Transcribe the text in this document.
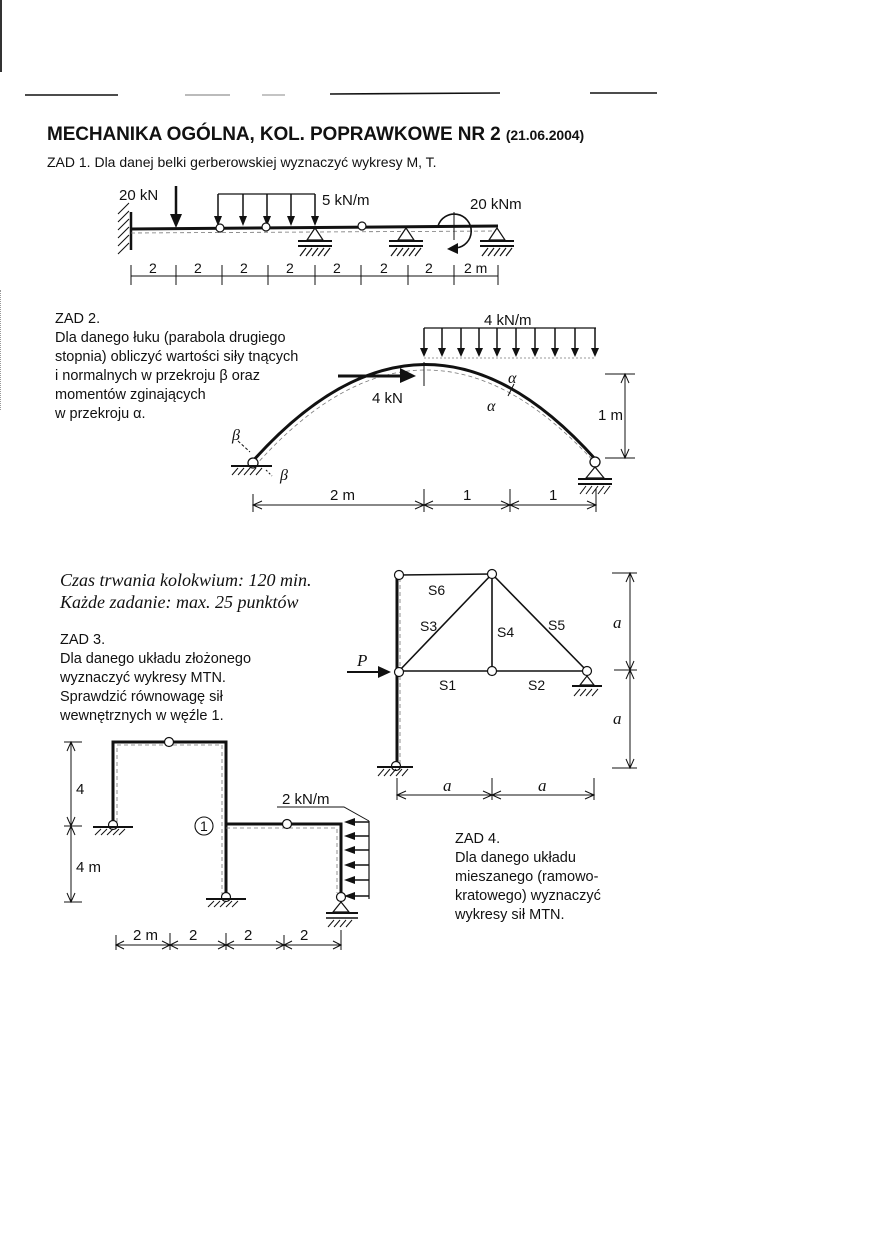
20 kN	5 kN/m	20 kNm
2	2	2	2	2	2	2 2 m
4 kN/m
4 kN
1 m
α
α
β
β
2 m	1	1
S6
S3	S4 S5
S1	S2
P
a
a
a	a
2 kN/m
1
4
4 m
2 m 2	2	2
MECHANIKA OGÓLNA, KOL. POPRAWKOWE NR 2 (21.06.2004)
ZAD 1. Dla danej belki gerberowskiej wyznaczyć wykresy M, T.
ZAD 2.
Dla danego łuku (parabola drugiego
stopnia) obliczyć wartości siły tnących
i normalnych w przekroju β oraz
momentów zginających
w przekroju α.
Czas trwania kolokwium: 120 min.
Każde zadanie: max. 25 punktów
ZAD 3.
Dla danego układu złożonego
wyznaczyć wykresy MTN.
Sprawdzić równowagę sił
wewnętrznych w węźle 1.
ZAD 4.
Dla danego układu
mieszanego (ramowo-
kratowego) wyznaczyć
wykresy sił MTN.
